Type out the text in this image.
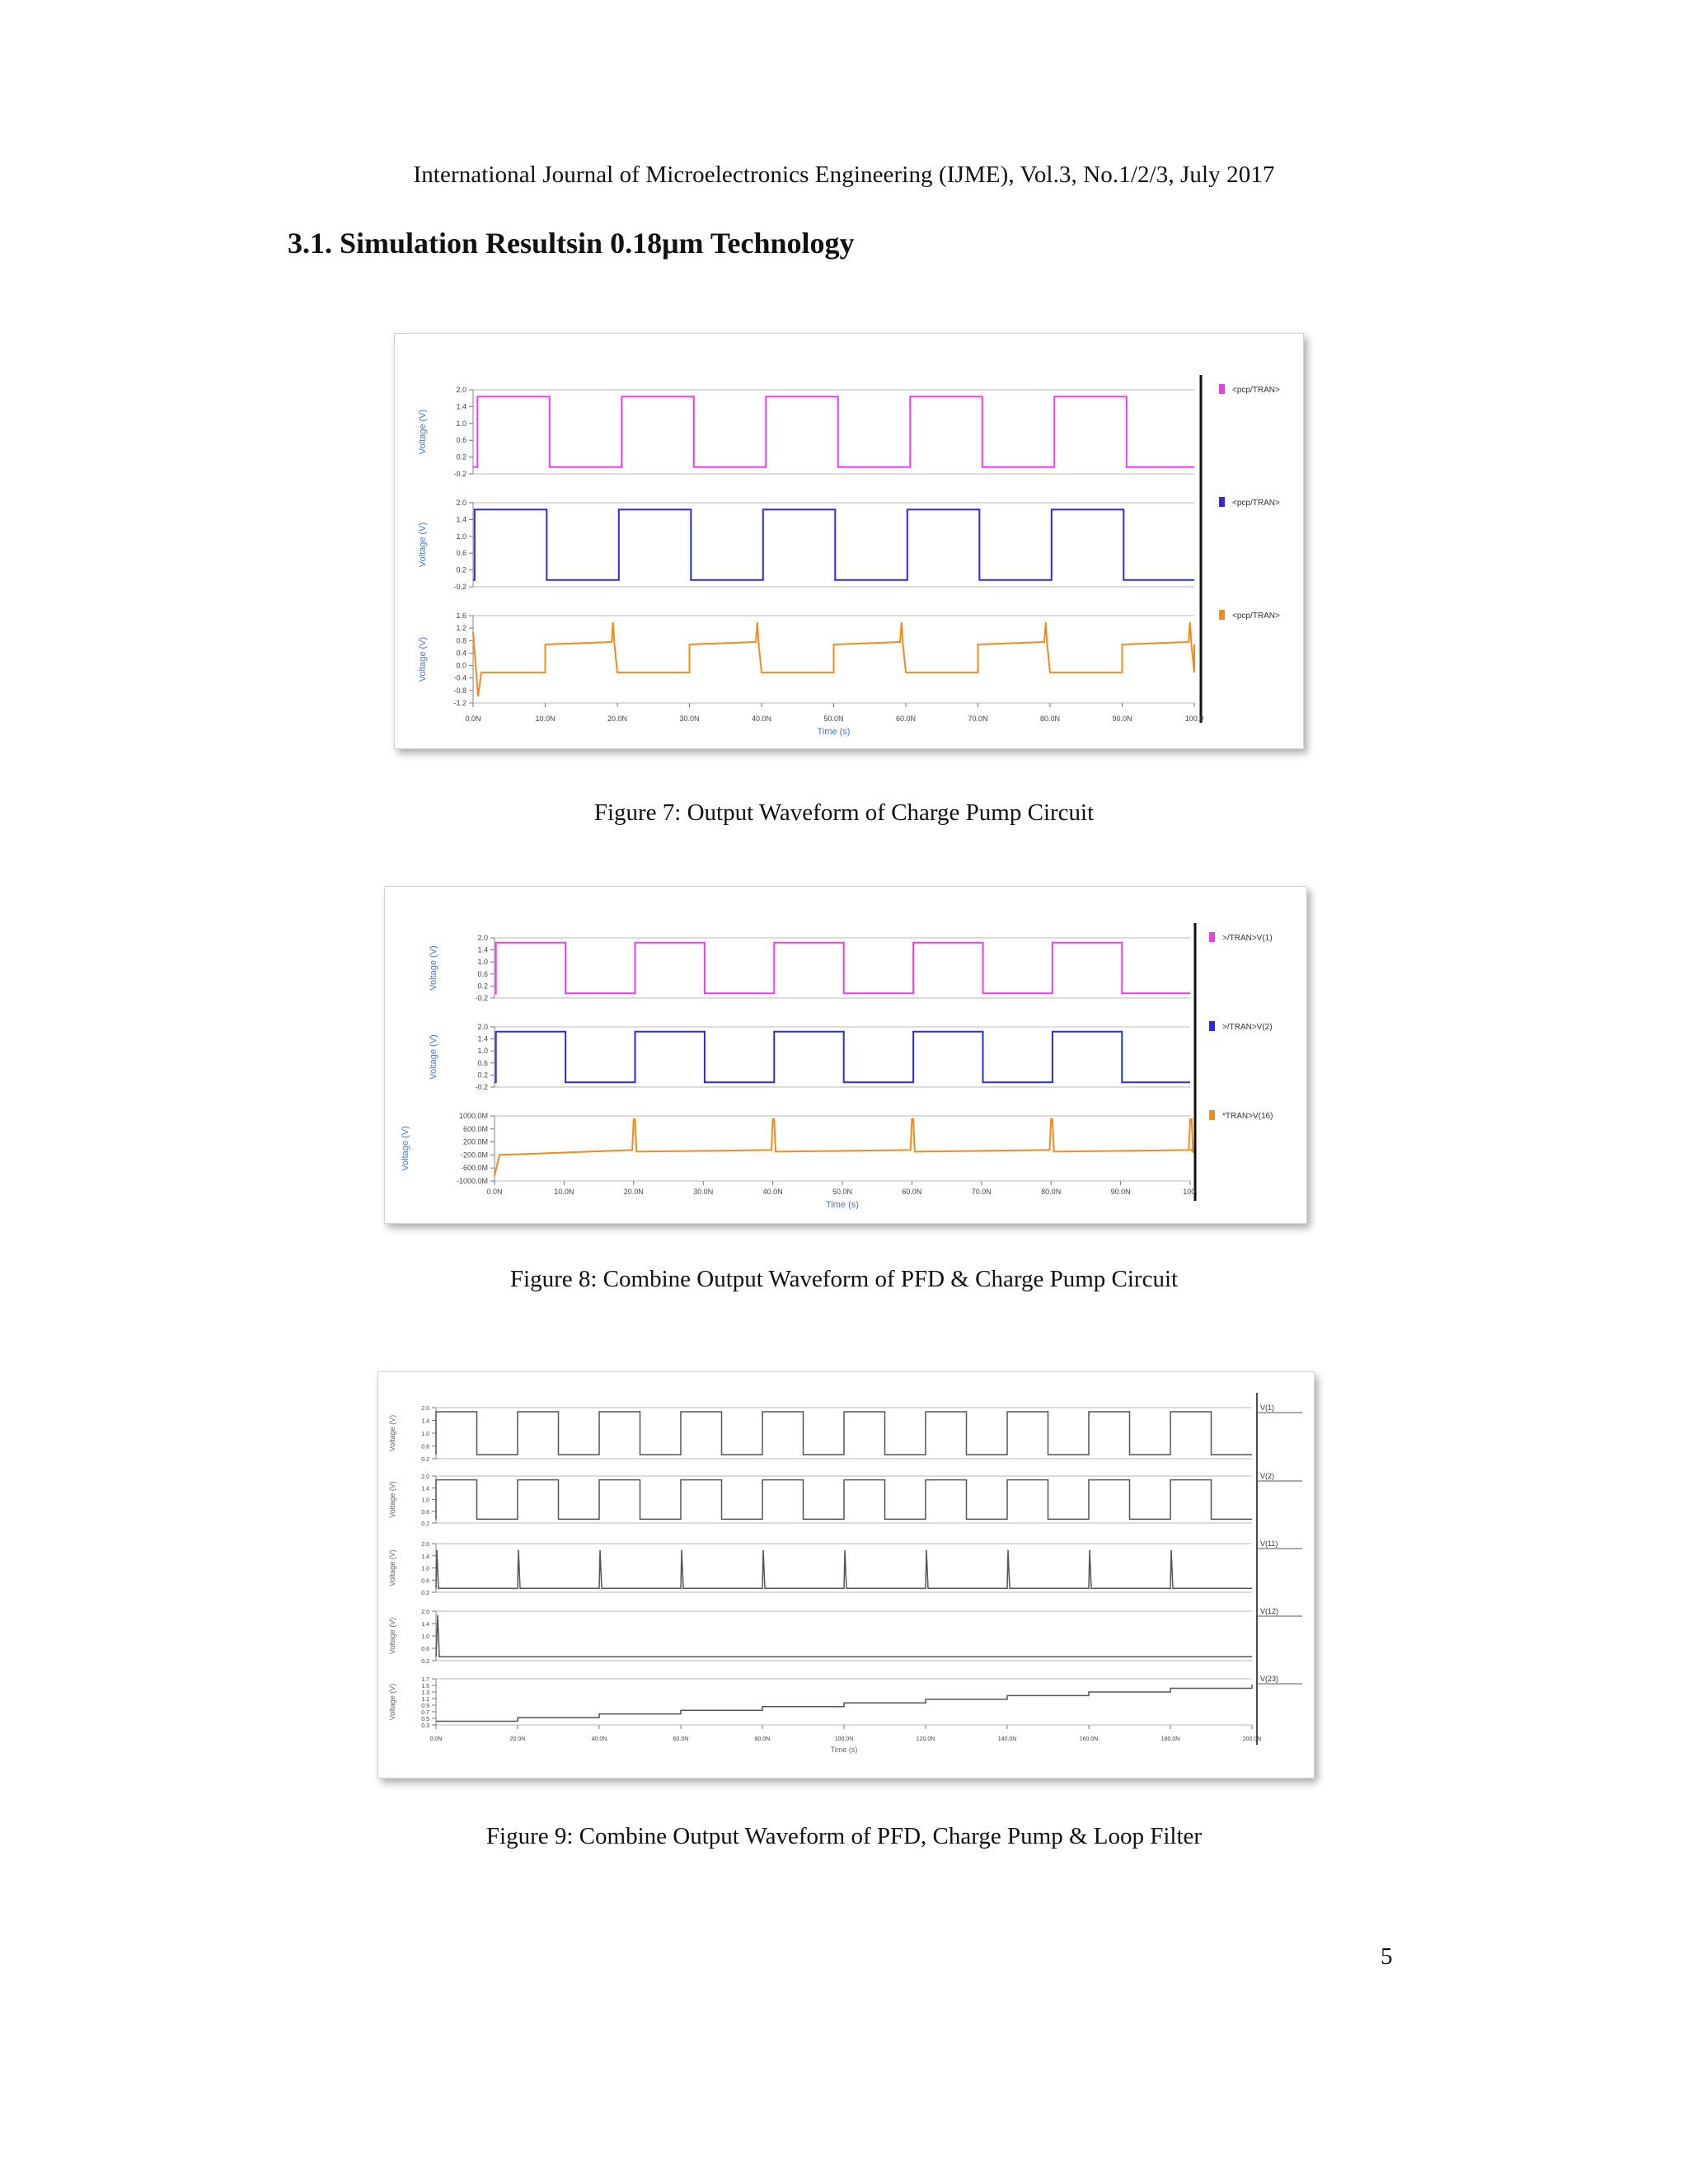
International Journal of Microelectronics Engineering (IJME), Vol.3, No.1/2/3, July 2017
3.1. Simulation Resultsin 0.18μm Technology
2.0
1.4
1.0
0.6
0.2
-0.2
Voltage (V)
<pcp/TRAN>
2.0
1.4
1.0
0.6
0.2
-0.2
Voltage (V)
<pcp/TRAN>
1.6
1.2
0.8
0.4
0.0
-0.4
-0.8
-1.2
Voltage (V)
<pcp/TRAN>
0.0N	10.0N	20.0N	30.0N	40.0N	50.0N	60.0N	70.0N	80.0N	90.0N	100.0
Time (s)
Figure 7: Output Waveform of Charge Pump Circuit
2.0
1.4
1.0
0.6
0.2
-0.2
Voltage (V)
>/TRAN>V(1)
2.0
1.4
1.0
0.6
0.2
-0.2
Voltage (V)
>/TRAN>V(2)
1000.0M
600.0M
200.0M
-200.0M
-600.0M
-1000.0M
Voltage (V)
*TRAN>V(16)
0.0N	10.0N	20.0N	30.0N	40.0N	50.0N	60.0N	70.0N	80.0N	90.0N	100.
Time (s)
Figure 8: Combine Output Waveform of PFD & Charge Pump Circuit
2.0
1.4
1.0
0.6
0.2
Voltage (V)
V(1)
2.0
1.4
1.0
0.6
0.2
Voltage (V)
V(2)
2.0
1.4
1.0
0.6
0.2
Voltage (V)
V(11)
2.0
1.4
1.0
0.6
0.2
Voltage (V)
V(12)
1.7
1.5
1.3
1.1
0.9
0.7
0.5
0.3
Voltage (V)
V(23)
0.0N	20.0N	40.0N	60.0N	80.0N	100.0N	120.0N	140.0N	160.0N	180.0N	200.0N
Time (s)
Figure 9: Combine Output Waveform of PFD, Charge Pump & Loop Filter
5
